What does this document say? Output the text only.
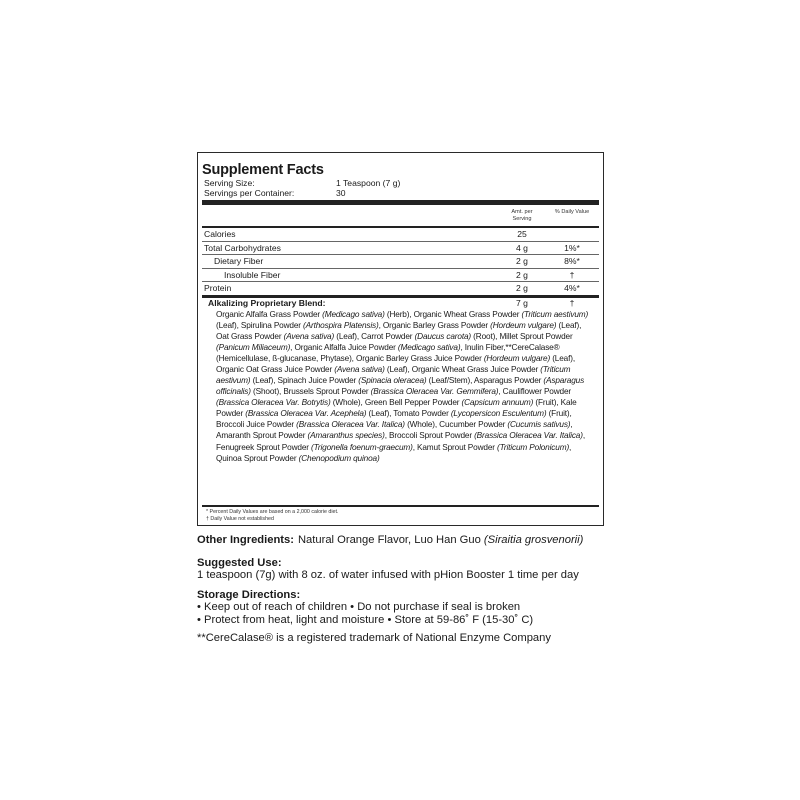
Supplement Facts
Serving Size:	1 Teaspoon (7 g)
Servings per Container:	30
Amt. per Serving
% Daily Value
Calories	25
Total Carbohydrates	4 g	1%*
Dietary Fiber	2 g	8%*
Insoluble Fiber	2 g	†
Protein	2 g	4%*
Alkalizing Proprietary Blend:	7 g	†
Organic Alfalfa Grass Powder (Medicago sativa) (Herb), Organic Wheat Grass Powder (Triticum aestivum) (Leaf), Spirulina Powder (Arthospira Platensis), Organic Barley Grass Powder (Hordeum vulgare) (Leaf), Oat Grass Powder (Avena sativa) (Leaf), Carrot Powder (Daucus carota) (Root), Millet Sprout Powder (Panicum Miliaceum), Organic Alfalfa Juice Powder (Medicago sativa), Inulin Fiber,**CereCalase® (Hemicellulase, ß-glucanase, Phytase), Organic Barley Grass Juice Powder (Hordeum vulgare) (Leaf), Organic Oat Grass Juice Powder (Avena sativa) (Leaf), Organic Wheat Grass Juice Powder (Triticum aestivum) (Leaf), Spinach Juice Powder (Spinacia oleracea) (Leaf/Stem), Asparagus Powder (Asparagus officinalis) (Shoot), Brussels Sprout Powder (Brassica Oleracea Var. Gemmifera), Cauliflower Powder (Brassica Oleracea Var. Botrytis) (Whole), Green Bell Pepper Powder (Capsicum annuum) (Fruit), Kale Powder (Brassica Oleracea Var. Acephela) (Leaf), Tomato Powder (Lycopersicon Esculentum) (Fruit), Broccoli Juice Powder (Brassica Oleracea Var. Italica) (Whole), Cucumber Powder (Cucumis sativus), Amaranth Sprout Powder (Amaranthus species), Broccoli Sprout Powder (Brassica Oleracea Var. Italica), Fenugreek Sprout Powder (Trigonella foenum-graecum), Kamut Sprout Powder (Triticum Polonicum), Quinoa Sprout Powder (Chenopodium quinoa)
* Percent Daily Values are based on a 2,000 calorie diet.
† Daily Value not established
Other Ingredients: Natural Orange Flavor, Luo Han Guo (Siraitia grosvenorii)
Suggested Use:
1 teaspoon (7g) with 8 oz. of water infused with pHion Booster 1 time per day
Storage Directions:
• Keep out of reach of children • Do not purchase if seal is broken
• Protect from heat, light and moisture • Store at 59-86˚ F (15-30˚ C)
**CereCalase® is a registered trademark of National Enzyme Company
